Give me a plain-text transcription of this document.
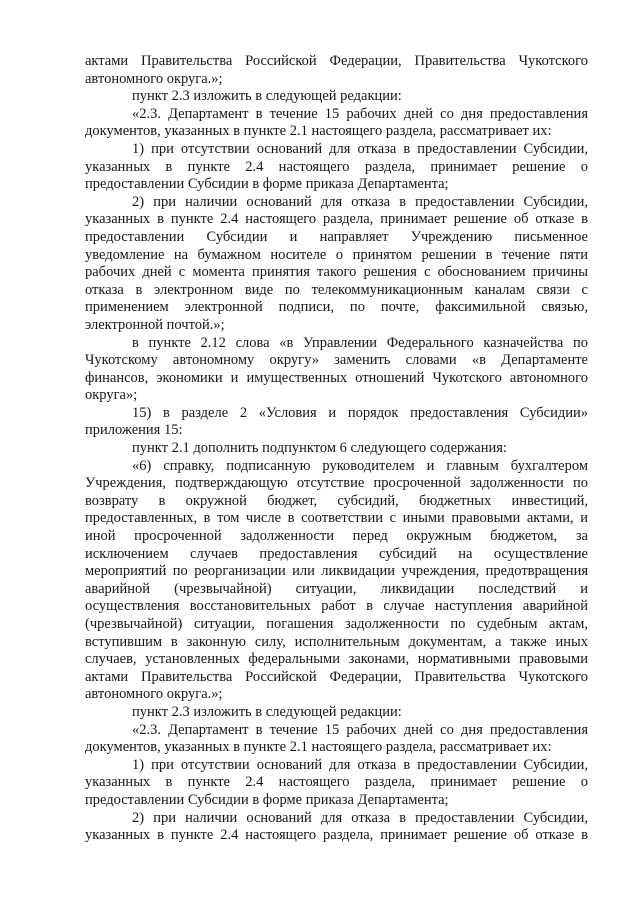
актами Правительства Российской Федерации, Правительства Чукотского
автономного округа.»;
пункт 2.3 изложить в следующей редакции:
«2.3. Департамент в течение 15 рабочих дней со дня предоставления
документов, указанных в пункте 2.1 настоящего раздела, рассматривает их:
1) при отсутствии оснований для отказа в предоставлении Субсидии,
указанных в пункте 2.4 настоящего раздела, принимает решение о
предоставлении Субсидии в форме приказа Департамента;
2) при наличии оснований для отказа в предоставлении Субсидии,
указанных в пункте 2.4 настоящего раздела, принимает решение об отказе в
предоставлении Субсидии и направляет Учреждению письменное
уведомление на бумажном носителе о принятом решении в течение пяти
рабочих дней с момента принятия такого решения с обоснованием причины
отказа в электронном виде по телекоммуникационным каналам связи с
применением электронной подписи, по почте, факсимильной связью,
электронной почтой.»;
в пункте 2.12 слова «в Управлении Федерального казначейства по
Чукотскому автономному округу» заменить словами «в Департаменте
финансов, экономики и имущественных отношений Чукотского автономного
округа»;
15) в разделе 2 «Условия и порядок предоставления Субсидии»
приложения 15:
пункт 2.1 дополнить подпунктом 6 следующего содержания:
«6) справку, подписанную руководителем и главным бухгалтером
Учреждения, подтверждающую отсутствие просроченной задолженности по
возврату в окружной бюджет, субсидий, бюджетных инвестиций,
предоставленных, в том числе в соответствии с иными правовыми актами, и
иной просроченной задолженности перед окружным бюджетом, за
исключением случаев предоставления субсидий на осуществление
мероприятий по реорганизации или ликвидации учреждения, предотвращения
аварийной (чрезвычайной) ситуации, ликвидации последствий и
осуществления восстановительных работ в случае наступления аварийной
(чрезвычайной) ситуации, погашения задолженности по судебным актам,
вступившим в законную силу, исполнительным документам, а также иных
случаев, установленных федеральными законами, нормативными правовыми
актами Правительства Российской Федерации, Правительства Чукотского
автономного округа.»;
пункт 2.3 изложить в следующей редакции:
«2.3. Департамент в течение 15 рабочих дней со дня предоставления
документов, указанных в пункте 2.1 настоящего раздела, рассматривает их:
1) при отсутствии оснований для отказа в предоставлении Субсидии,
указанных в пункте 2.4 настоящего раздела, принимает решение о
предоставлении Субсидии в форме приказа Департамента;
2) при наличии оснований для отказа в предоставлении Субсидии,
указанных в пункте 2.4 настоящего раздела, принимает решение об отказе в
